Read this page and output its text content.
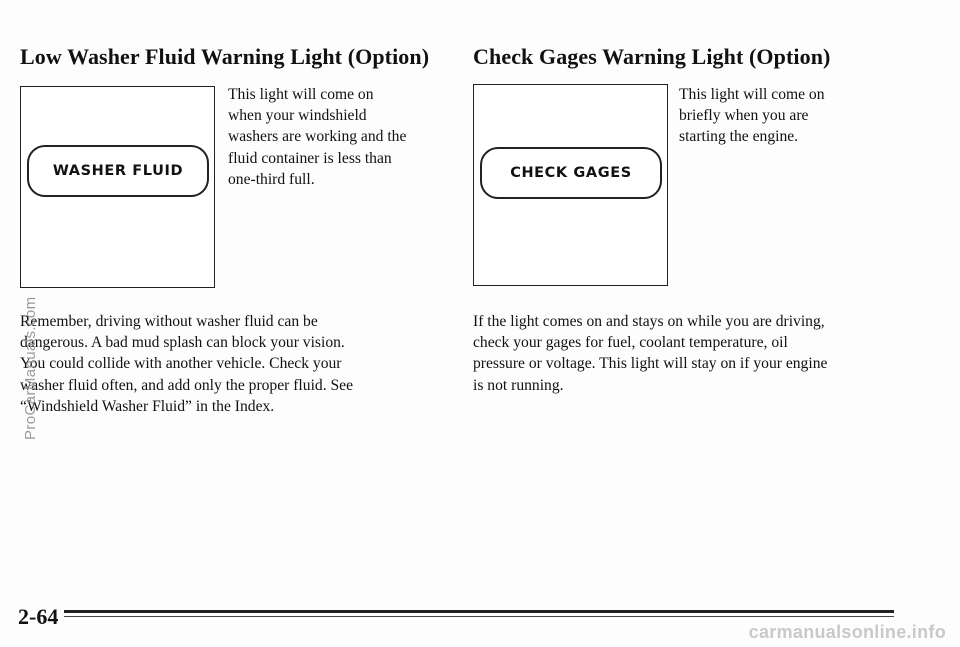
Low Washer Fluid Warning Light (Option)
WASHER FLUID
This light will come on
when your windshield
washers are working and the
fluid container is less than
one-third full.
Remember, driving without washer fluid can be
dangerous. A bad mud splash can block your vision.
You could collide with another vehicle. Check your
washer fluid often, and add only the proper fluid. See
“Windshield Washer Fluid” in the Index.
Check Gages Warning Light (Option)
CHECK GAGES
This light will come on
briefly when you are
starting the engine.
If the light comes on and stays on while you are driving,
check your gages for fuel, coolant temperature, oil
pressure or voltage. This light will stay on if your engine
is not running.
ProCarManuals.com
2-64
carmanualsonline.info
